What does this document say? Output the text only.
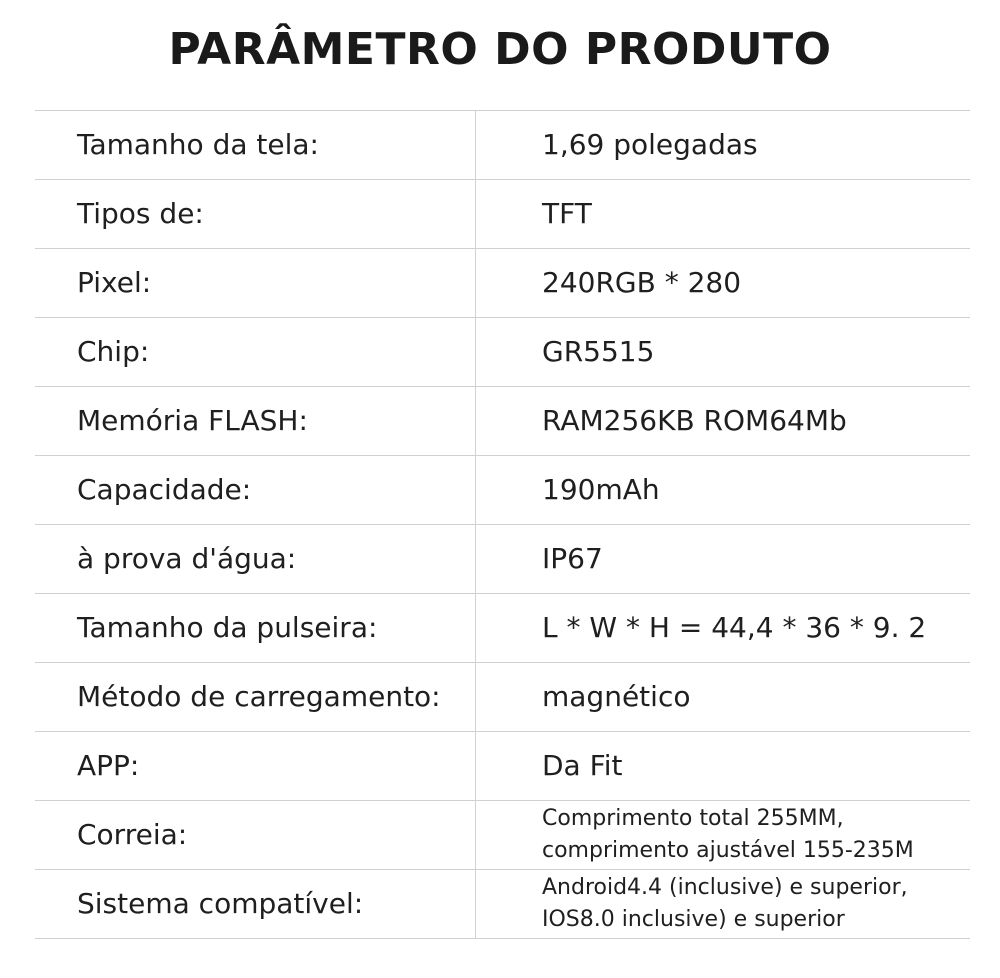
PARÂMETRO DO PRODUTO
Tamanho da tela:	1,69 polegadas
Tipos de:	TFT
Pixel:	240RGB * 280
Chip:	GR5515
Memória FLASH:	RAM256KB ROM64Mb
Capacidade:	190mAh
à prova d'água:	IP67
Tamanho da pulseira:	L * W * H = 44,4 * 36 * 9. 2
Método de carregamento:	magnético
APP:	Da Fit
Correia:	Comprimento total 255MM,
comprimento ajustável 155-235M
Sistema compatível:	Android4.4 (inclusive) e superior,
IOS8.0 inclusive) e superior
